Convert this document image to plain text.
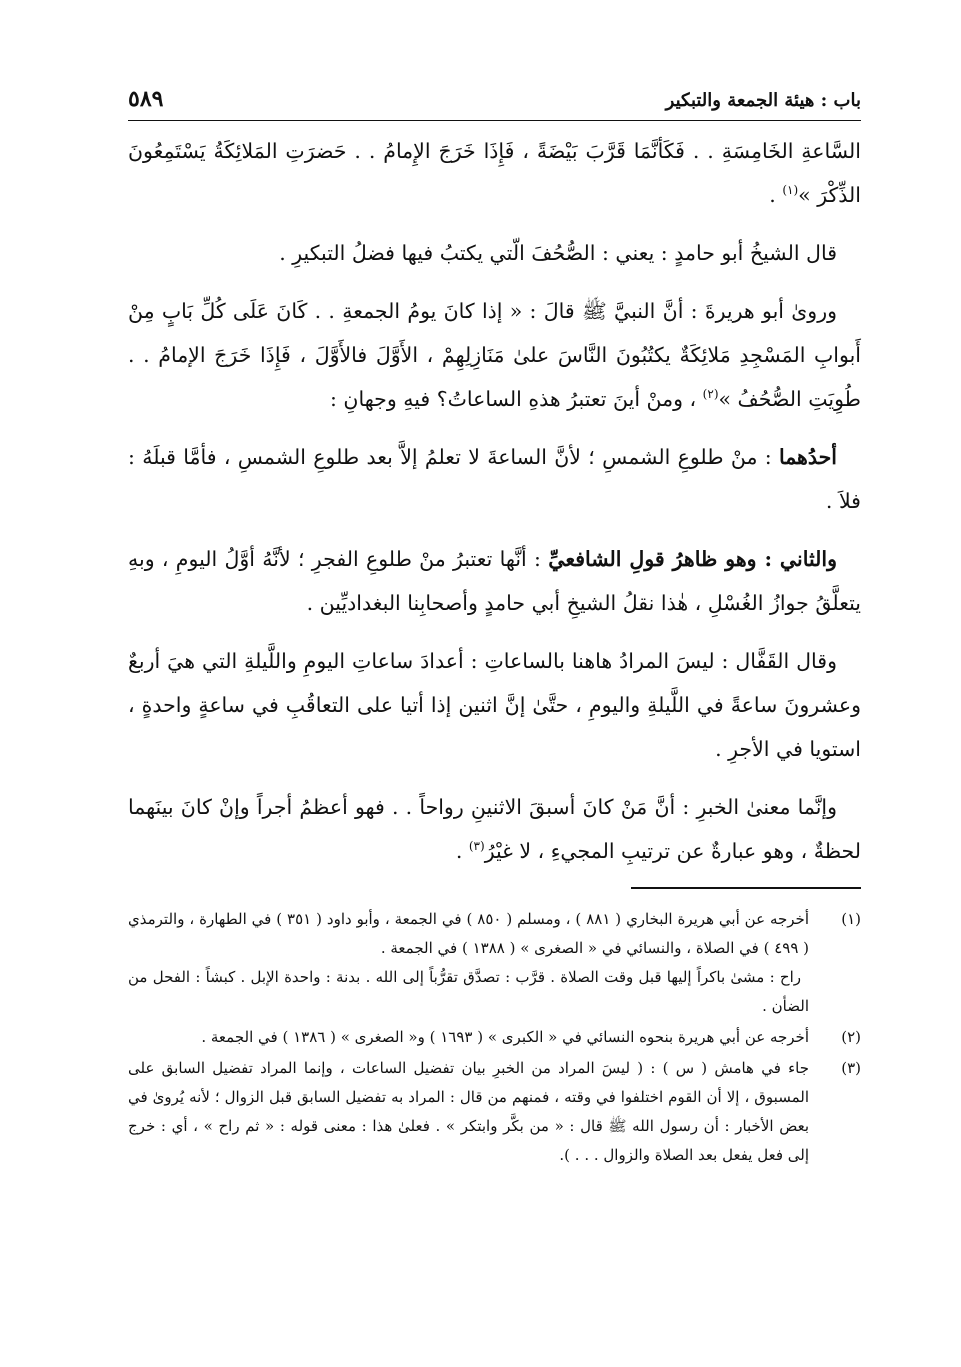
باب : هيئة الجمعة والتبكير
٥٨٩

السَّاعةِ الخَامِسَةِ . . فَكَأنَّمَا قَرَّبَ بَيْضَةً ، فَإِذَا خَرَجَ الإِمامُ . . حَضرَتِ المَلائِكَةُ يَسْتَمِعُونَ الذِّكْرَ »$^{(١)}$ .

قال الشيخُ أبو حامدٍ : يعني : الصُّحُفَ الّتي يكتبُ فيها فضلُ التبكيرِ .

وروىٰ أبو هريرةَ : أنَّ النبيَّ ﷺ قالَ : « إذا كانَ يومُ الجمعةِ . . كَانَ عَلَى كُلِّ بَابٍ مِنْ أَبوابِ المَسْجِدِ مَلائِكَةٌ يكتُبُونَ النَّاسَ علىٰ مَنَازِلِهِمْ ، الأَوَّلَ فالأَوَّلَ ، فَإِذَا خَرَجَ الإمامُ . . طُوِيَتِ الصُّحُفُ »$^{(٢)}$ ، ومنْ أينَ تعتبرُ هذهِ الساعاتُ؟ فيهِ وجهانِ :

أحدُهما : منْ طلوعِ الشمسِ ؛ لأنَّ الساعةَ لا تعلمُ إلاَّ بعد طلوعِ الشمسِ ، فأمَّا قبلَهُ : فلاَ .

والثاني : وهو ظاهرُ قولِ الشافعيِّ : أنَّها تعتبرُ منْ طلوعِ الفجرِ ؛ لأنَّهُ أوَّلُ اليومِ ، وبهِ يتعلَّقُ جوازُ الغُسْلِ ، هٰذا نقلُ الشيخِ أبي حامدٍ وأصحابِنا البغداديِّين .

وقال القَفَّال : ليسَ المرادُ هاهنا بالساعاتِ : أعدادَ ساعاتِ اليومِ واللَّيلةِ التي هيَ أربعٌ وعشرونَ ساعةً في اللَّيلةِ واليومِ ، حتَّىٰ إنَّ اثنين إذا أتيا على التعاقُبِ في ساعةٍ واحدةٍ ، استويا في الأجرِ .

وإنَّما معنىٰ الخبرِ : أنَّ مَنْ كانَ أسبقَ الاثنينِ رواحاً . . فهو أعظمُ أجراً وإنْ كانَ بينَهما لحظةٌ ، وهو عبارةٌ عن ترتيبِ المجيءِ ، لا غيْرُ$^{(٣)}$ .

(١)

أخرجه عن أبي هريرة البخاري ( ٨٨١ ) ، ومسلم ( ٨٥٠ ) في الجمعة ، وأبو داود ( ٣٥١ ) في الطهارة ، والترمذي ( ٤٩٩ ) في الصلاة ، والنسائي في « الصغرى » ( ١٣٨٨ ) في الجمعة .

راح : مشىٰ باكراً إليها قبل وقت الصلاة . قرَّب : تصدَّق تقرُّباً إلى الله . بدنة : واحدة الإبل . كبشاً : الفحل من الضأن .

(٢)

أخرجه عن أبي هريرة بنحوه النسائي في « الكبرى » ( ١٦٩٣ ) و« الصغرى » ( ١٣٨٦ ) في الجمعة .

(٣)

جاء في هامش ( س ) : ( ليسَ المراد من الخبرِ بيان تفضيل الساعات ، وإنما المراد تفضيل السابق على المسبوق ، إلا أن القوم اختلفوا في وقته ، فمنهم من قال : المراد به تفضيل السابق قبل الزوال ؛ لأنه يُروىٰ في بعض الأخبار : أن رسول الله ﷺ قال : « من بكَّر وابتكر » . فعلىٰ هذا : معنى قوله : « ثم راح » ، أي : خرج إلى فعل يفعل بعد الصلاة والزوال . . . ).
